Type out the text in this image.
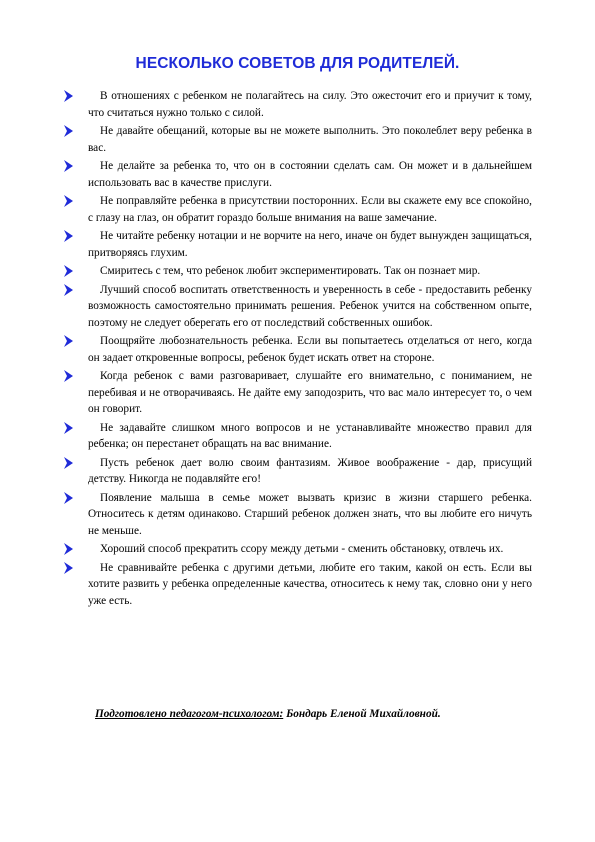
НЕСКОЛЬКО СОВЕТОВ ДЛЯ РОДИТЕЛЕЙ.

В отношениях с ребенком не полагайтесь на силу. Это ожесточит его и приучит к тому, что считаться нужно только с силой.

Не давайте обещаний, которые вы не можете выполнить. Это поколеблет веру ребенка в вас.

Не делайте за ребенка то, что он в состоянии сделать сам. Он может и в дальнейшем использовать вас в качестве прислуги.

Не поправляйте ребенка в присутствии посторонних. Если вы скажете ему все спокойно, с глазу на глаз, он обратит гораздо больше внимания на ваше замечание.

Не читайте ребенку нотации и не ворчите на него, иначе он будет вынужден защищаться, притворяясь глухим.

Смиритесь с тем, что ребенок любит экспериментировать. Так он познает мир.

Лучший способ воспитать ответственность и уверенность в себе - предоставить ребенку возможность самостоятельно принимать решения. Ребенок учится на собственном опыте, поэтому не следует оберегать его от последствий собственных ошибок.

Поощряйте любознательность ребенка. Если вы попытаетесь отделаться от него, когда он задает откровенные вопросы, ребенок будет искать ответ на стороне.

Когда ребенок с вами разговаривает, слушайте его внимательно, с пониманием, не перебивая и не отворачиваясь. Не дайте ему заподозрить, что вас мало интересует то, о чем он говорит.

Не задавайте слишком много вопросов и не устанавливайте множество правил для ребенка; он перестанет обращать на вас внимание.

Пусть ребенок дает волю своим фантазиям. Живое воображение - дар, присущий детству. Никогда не подавляйте его!

Появление малыша в семье может вызвать кризис в жизни старшего ребенка. Относитесь к детям одинаково. Старший ребенок должен знать, что вы любите его ничуть не меньше.

Хороший способ прекратить ссору между детьми - сменить обстановку, отвлечь их.

Не сравнивайте ребенка с другими детьми, любите его таким, какой он есть. Если вы хотите развить у ребенка определенные качества, относитесь к нему так, словно они у него уже есть.

Подготовлено педагогом-психологом: Бондарь Еленой Михайловной.
